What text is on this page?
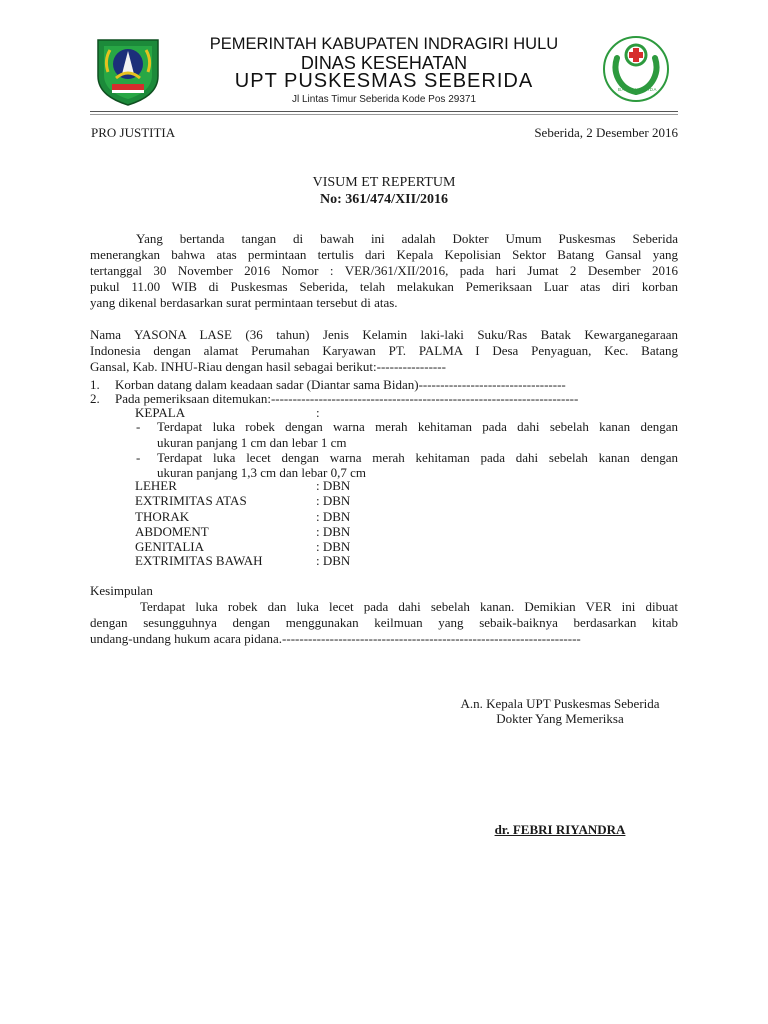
PEMERINTAH KABUPATEN INDRAGIRI HULU
DINAS KESEHATAN
UPT PUSKESMAS SEBERIDA
Jl Lintas Timur Seberida Kode Pos 29371
BAKTI HUSADA
PRO JUSTITIA	Seberida, 2 Desember 2016
VISUM ET REPERTUM
No: 361/474/XII/2016
Yang bertanda tangan di bawah ini adalah Dokter Umum Puskesmas Seberida
menerangkan bahwa atas permintaan tertulis dari Kepala Kepolisian Sektor Batang Gansal yang
tertanggal 30 November 2016 Nomor : VER/361/XII/2016, pada hari Jumat 2 Desember 2016
pukul 11.00 WIB di Puskesmas Seberida, telah melakukan Pemeriksaan Luar atas diri korban
yang dikenal berdasarkan surat permintaan tersebut di atas.
Nama YASONA LASE (36 tahun) Jenis Kelamin laki-laki Suku/Ras Batak Kewarganegaraan
Indonesia dengan alamat Perumahan Karyawan PT. PALMA I Desa Penyaguan, Kec. Batang
Gansal, Kab. INHU-Riau dengan hasil sebagai berikut:----------------
1. Korban datang dalam keadaan sadar (Diantar sama Bidan)----------------------------------
2. Pada pemeriksaan ditemukan:-----------------------------------------------------------------------
KEPALA	:
- Terdapat luka robek dengan warna merah kehitaman pada dahi sebelah kanan dengan
ukuran panjang 1 cm dan lebar 1 cm
- Terdapat luka lecet dengan warna merah kehitaman pada dahi sebelah kanan dengan
ukuran panjang 1,3 cm dan lebar 0,7 cm
LEHER	: DBN
EXTRIMITAS ATAS	: DBN
THORAK	: DBN
ABDOMENT	: DBN
GENITALIA	: DBN
EXTRIMITAS BAWAH	: DBN
Kesimpulan
Terdapat luka robek dan luka lecet pada dahi sebelah kanan. Demikian VER ini dibuat
dengan sesungguhnya dengan menggunakan keilmuan yang sebaik-baiknya berdasarkan kitab
undang-undang hukum acara pidana.---------------------------------------------------------------------
A.n. Kepala UPT Puskesmas Seberida
Dokter Yang Memeriksa
dr. FEBRI RIYANDRA
